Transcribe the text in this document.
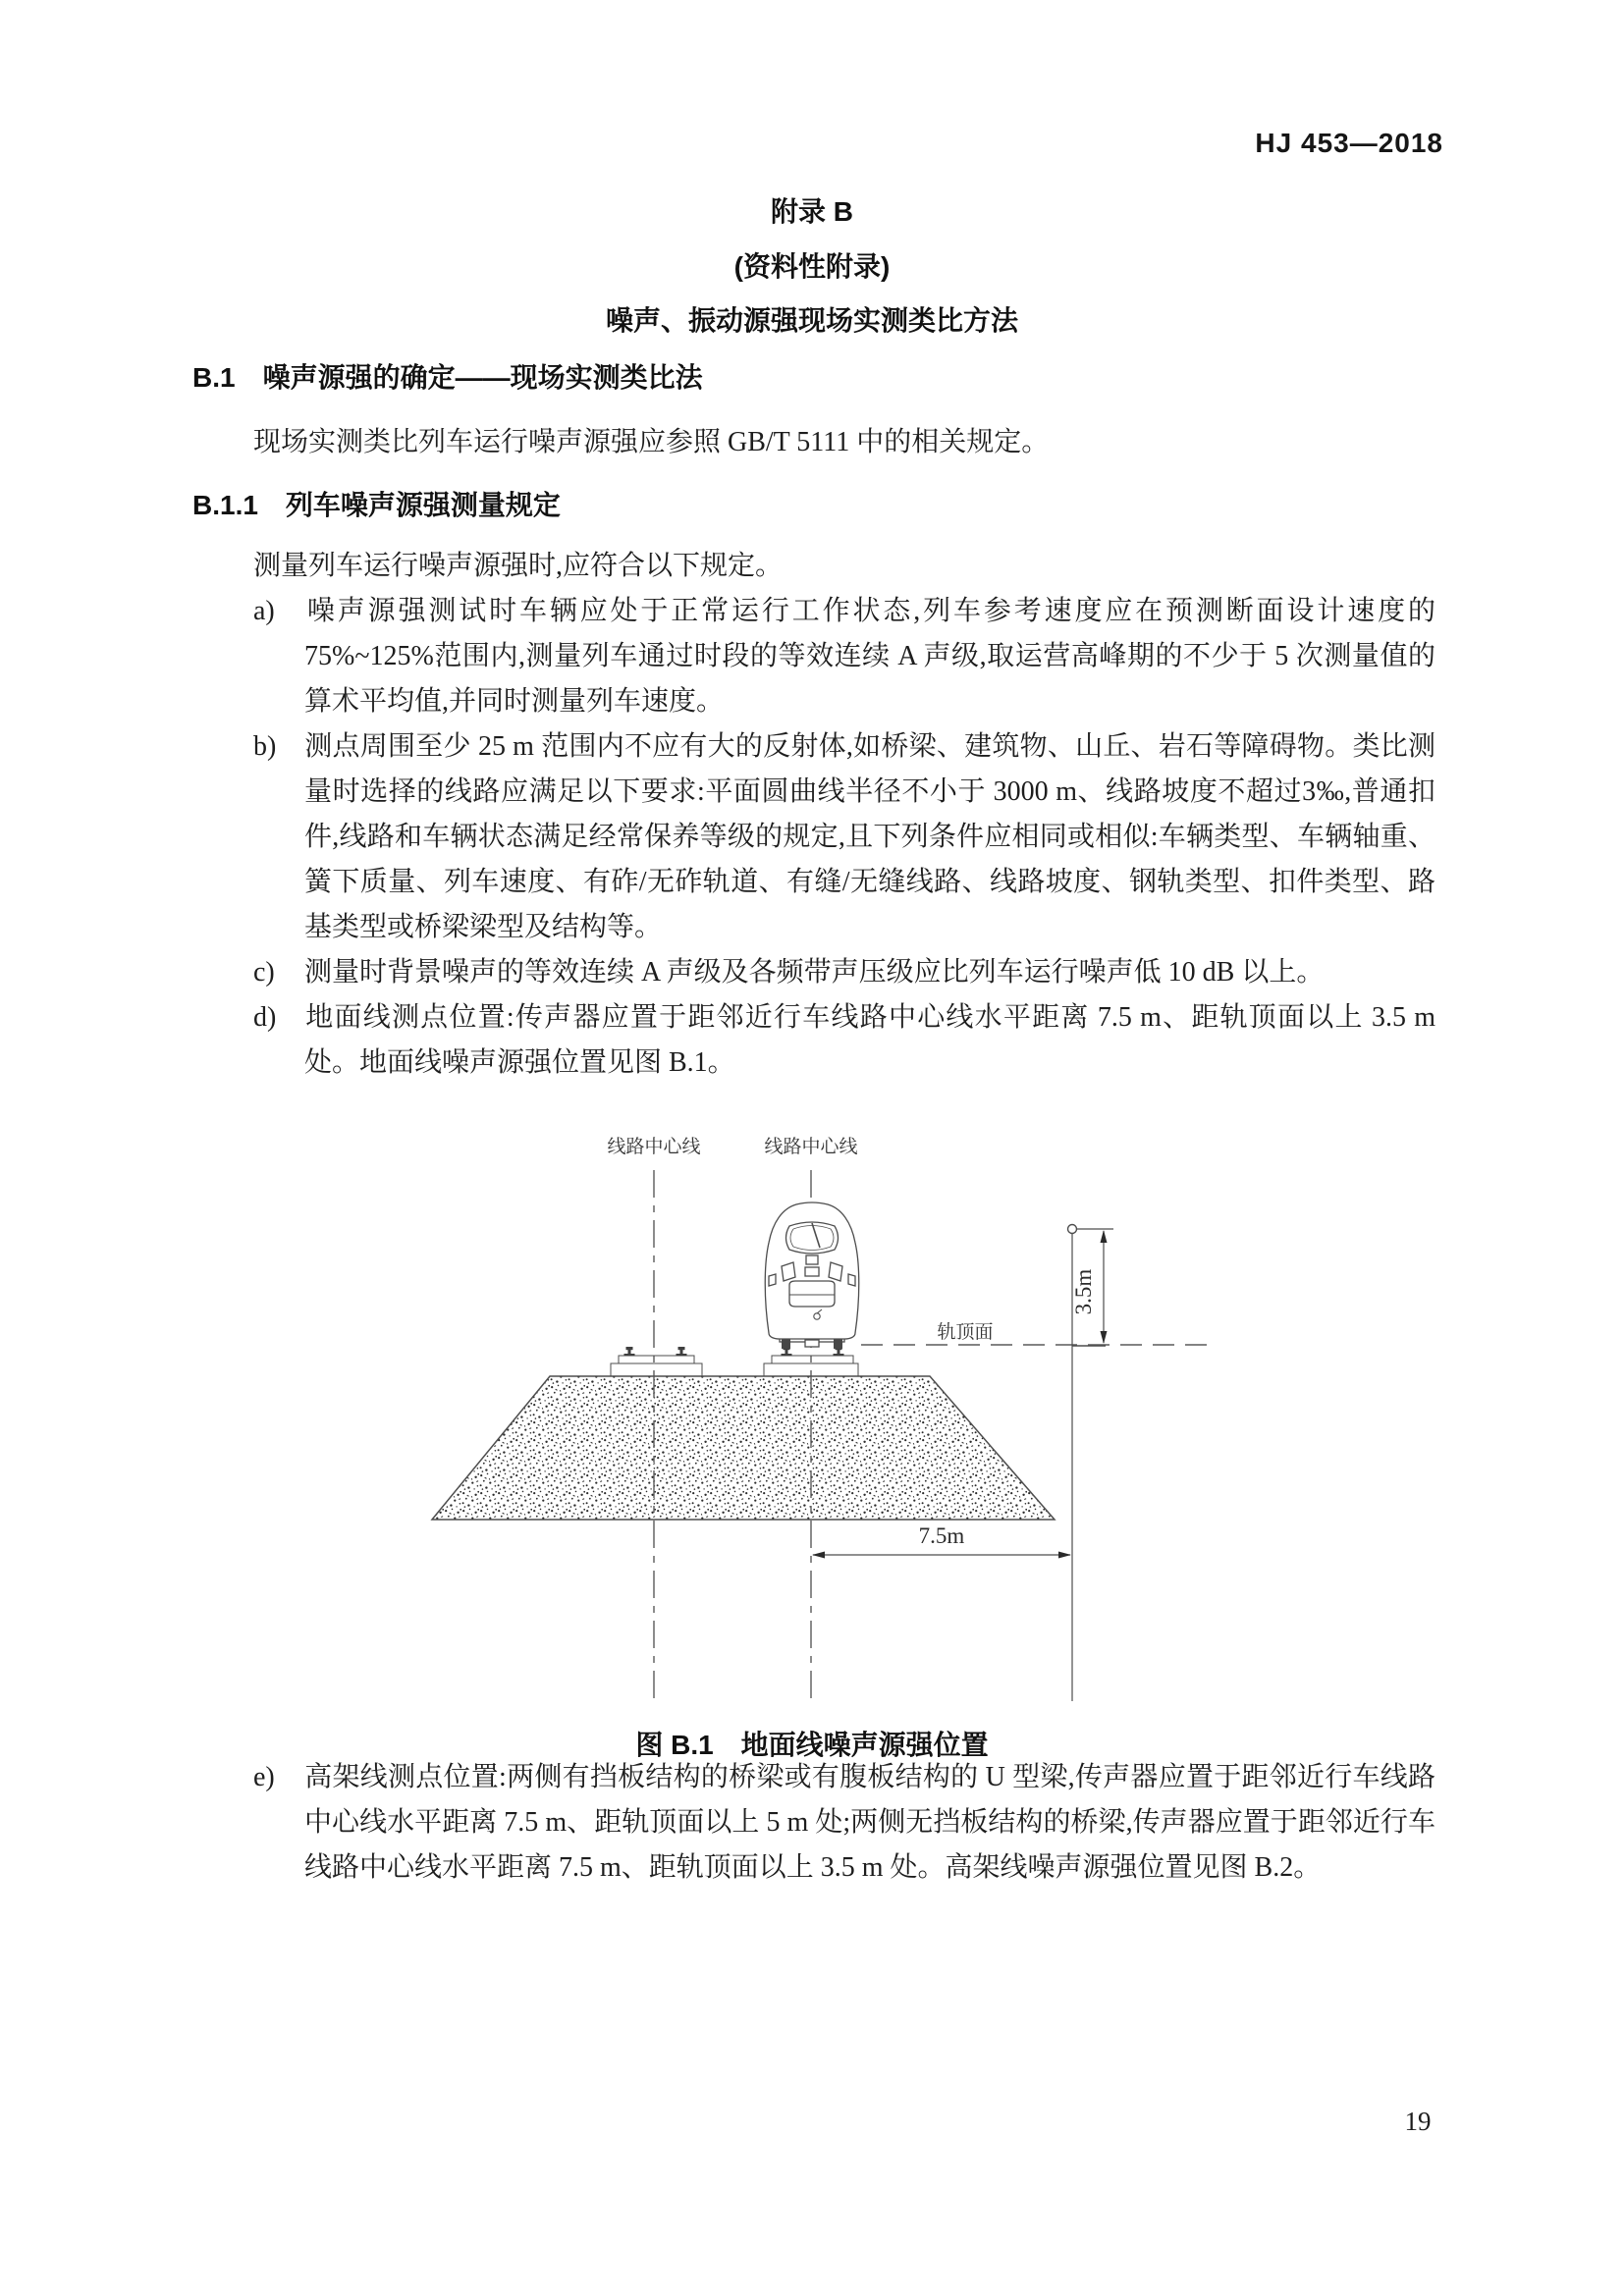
HJ 453—2018
附录 B
(资料性附录)
噪声、振动源强现场实测类比方法
B.1　噪声源强的确定——现场实测类比法
现场实测类比列车运行噪声源强应参照 GB/T 5111 中的相关规定。
B.1.1　列车噪声源强测量规定

测量列车运行噪声源强时,应符合以下规定。

a) 噪声源强测试时车辆应处于正常运行工作状态,列车参考速度应在预测断面设计速度的75%~125%范围内,测量列车通过时段的等效连续 A 声级,取运营高峰期的不少于 5 次测量值的算术平均值,并同时测量列车速度。

b) 测点周围至少 25 m 范围内不应有大的反射体,如桥梁、建筑物、山丘、岩石等障碍物。类比测量时选择的线路应满足以下要求:平面圆曲线半径不小于 3000 m、线路坡度不超过3‰,普通扣件,线路和车辆状态满足经常保养等级的规定,且下列条件应相同或相似:车辆类型、车辆轴重、簧下质量、列车速度、有砟/无砟轨道、有缝/无缝线路、线路坡度、钢轨类型、扣件类型、路基类型或桥梁梁型及结构等。

c) 测量时背景噪声的等效连续 A 声级及各频带声压级应比列车运行噪声低 10 dB 以上。

d) 地面线测点位置:传声器应置于距邻近行车线路中心线水平距离 7.5 m、距轨顶面以上 3.5 m 处。地面线噪声源强位置见图 B.1。

线路中心线	线路中心线
轨顶面
3.5m
7.5m
图 B.1　地面线噪声源强位置

e) 高架线测点位置:两侧有挡板结构的桥梁或有腹板结构的 U 型梁,传声器应置于距邻近行车线路中心线水平距离 7.5 m、距轨顶面以上 5 m 处;两侧无挡板结构的桥梁,传声器应置于距邻近行车线路中心线水平距离 7.5 m、距轨顶面以上 3.5 m 处。高架线噪声源强位置见图 B.2。

19
